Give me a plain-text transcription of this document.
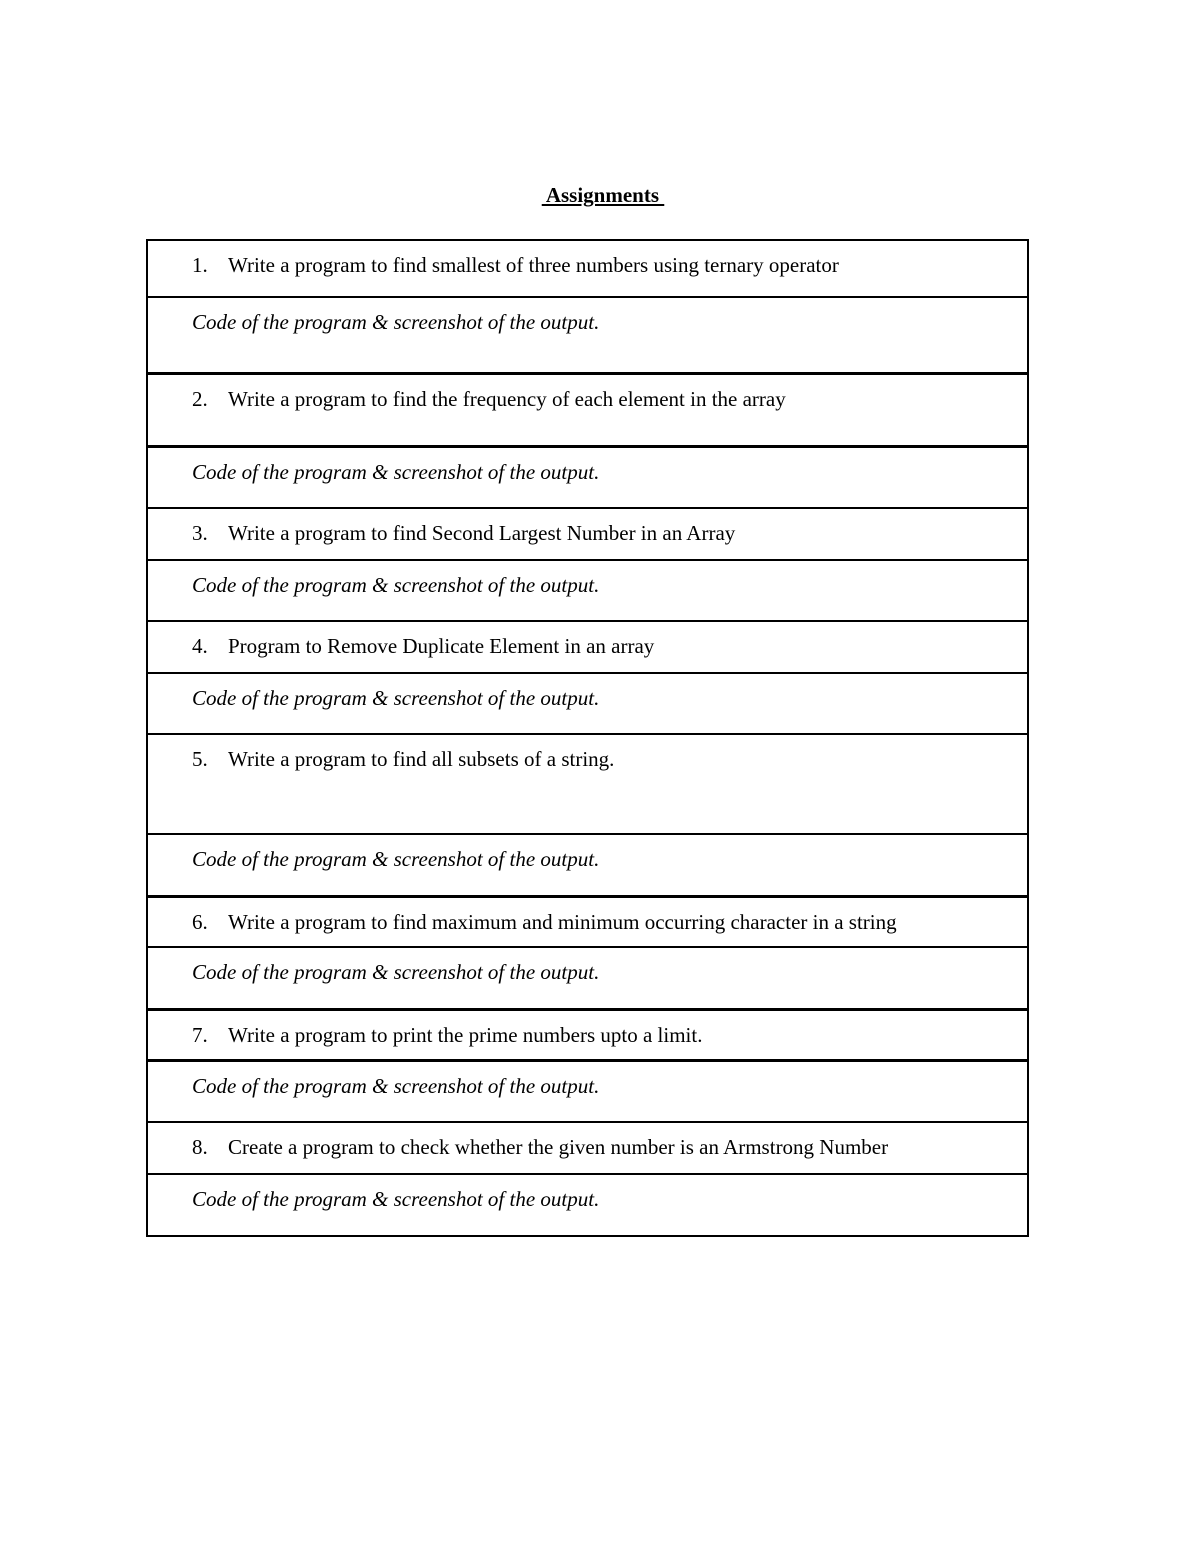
Assignments
1. Write a program to find smallest of three numbers using ternary operator
Code of the program & screenshot of the output.
2. Write a program to find the frequency of each element in the array
Code of the program & screenshot of the output.
3. Write a program to find Second Largest Number in an Array
Code of the program & screenshot of the output.
4. Program to Remove Duplicate Element in an array
Code of the program & screenshot of the output.
5. Write a program to find all subsets of a string.
Code of the program & screenshot of the output.
6. Write a program to find maximum and minimum occurring character in a string
Code of the program & screenshot of the output.
7. Write a program to print the prime numbers upto a limit.
Code of the program & screenshot of the output.
8. Create a program to check whether the given number is an Armstrong Number
Code of the program & screenshot of the output.
